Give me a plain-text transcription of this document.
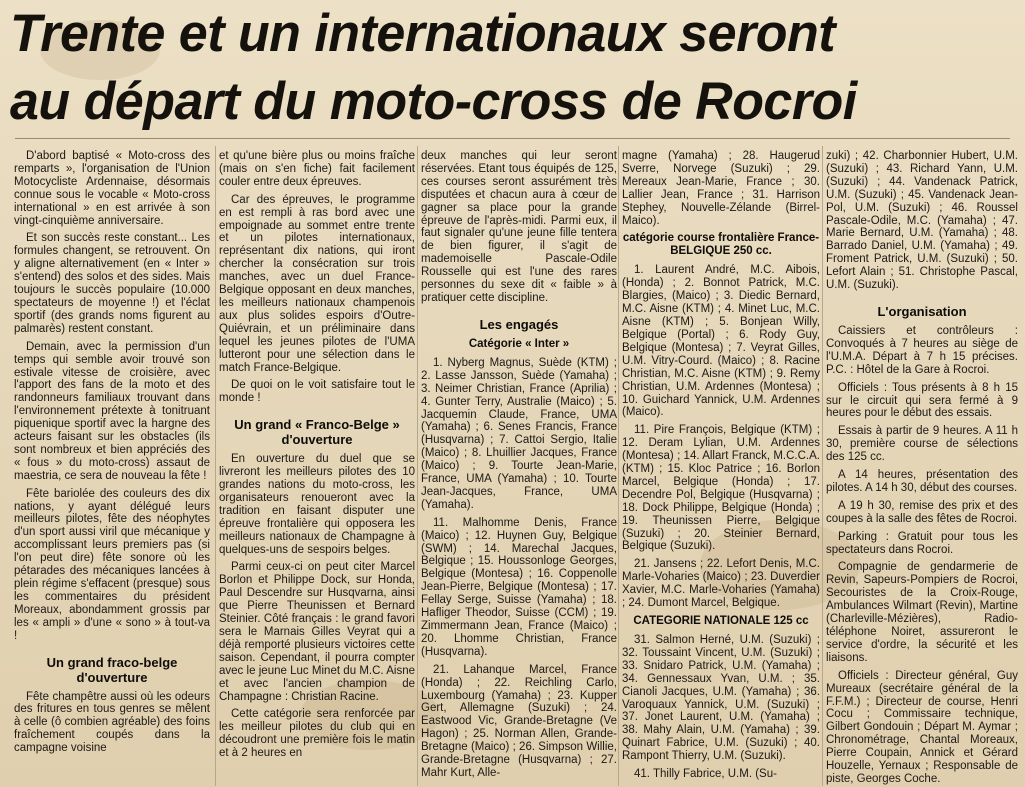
Trente et un internationaux seront
au départ du moto-cross de Rocroi

D'abord baptisé « Moto-cross des remparts », l'organisation de l'Union Motocycliste Ardennaise, désormais connue sous le vocable « Moto-cross international » en est arrivée à son vingt-cinquième anniversaire.

Et son succès reste constant... Les formules changent, se retrouvent. On y aligne alternativement (en « Inter » s'entend) des solos et des sides. Mais toujours le succès populaire (10.000 spectateurs de moyenne !) et l'éclat sportif (des grands noms figurent au palmarès) restent constant.

Demain, avec la permission d'un temps qui semble avoir trouvé son estivale vitesse de croisière, avec l'apport des fans de la moto et des randonneurs familiaux trouvant dans l'environnement prétexte à tonitruant piquenique sportif avec la hargne des acteurs faisant sur les obstacles (ils sont nombreux et bien appréciés des « fous » du moto-cross) assaut de maestria, ce sera de nouveau la fête !

Fête bariolée des couleurs des dix nations, y ayant délégué leurs meilleurs pilotes, fête des néophytes d'un sport aussi viril que mécanique y accomplissant leurs premiers pas (si l'on peut dire) fête sonore où les pétarades des mécaniques lancées à plein régime s'effacent (presque) sous les commentaires du président Moreaux, abondamment grossis par les « ampli » d'une « sono » à tout-va !

Un grand fraco-belge d'ouverture

Fête champêtre aussi où les odeurs des fritures en tous genres se mêlent à celle (ô combien agréable) des foins fraîchement coupés dans la campagne voisine

et qu'une bière plus ou moins fraîche (mais on s'en fiche) fait facilement couler entre deux épreuves.

Car des épreuves, le programme en est rempli à ras bord avec une empoignade au sommet entre trente et un pilotes internationaux, représentant dix nations, qui iront chercher la consécration sur trois manches, avec un duel France-Belgique opposant en deux manches, les meilleurs nationaux champenois aux plus solides espoirs d'Outre-Quiévrain, et un préliminaire dans lequel les jeunes pilotes de l'UMA lutteront pour une sélection dans le match France-Belgique.

De quoi on le voit satisfaire tout le monde !

Un grand « Franco-Belge » d'ouverture

En ouverture du duel que se livreront les meilleurs pilotes des 10 grandes nations du moto-cross, les organisateurs renoueront avec la tradition en faisant disputer une épreuve frontalière qui opposera les meilleurs nationaux de Champagne à quelques-uns de sespoirs belges.

Parmi ceux-ci on peut citer Marcel Borlon et Philippe Dock, sur Honda, Paul Descendre sur Husqvarna, ainsi que Pierre Theunissen et Bernard Steinier. Côté français : le grand favori sera le Marnais Gilles Veyrat qui a déjà remporté plusieurs victoires cette saison. Cependant, il pourra compter avec le jeune Luc Minet du M.C. Aisne et avec l'ancien champion de Champagne : Christian Racine.

Cette catégorie sera renforcée par les meilleur pilotes du club qui en découdront une première fois le matin et à 2 heures en

deux manches qui leur seront réservées. Etant tous équipés de 125, ces courses seront assurément très disputées et chacun aura à cœur de gagner sa place pour la grande épreuve de l'après-midi. Parmi eux, il faut signaler qu'une jeune fille tentera de bien figurer, il s'agit de mademoiselle Pascale-Odile Rousselle qui est l'une des rares personnes du sexe dit « faible » à pratiquer cette discipline.

Les engagés
Catégorie « Inter »

1. Nyberg Magnus, Suède (KTM) ; 2. Lasse Jansson, Suède (Yamaha) ; 3. Neimer Christian, France (Aprilia) ; 4. Gunter Terry, Australie (Maico) ; 5. Jacquemin Claude, France, UMA (Yamaha) ; 6. Senes Francis, France (Husqvarna) ; 7. Cattoi Sergio, Italie (Maico) ; 8. Lhuillier Jacques, France (Maico) ; 9. Tourte Jean-Marie, France, UMA (Yamaha) ; 10. Tourte Jean-Jacques, France, UMA (Yamaha).

11. Malhomme Denis, France (Maico) ; 12. Huynen Guy, Belgique (SWM) ; 14. Marechal Jacques, Belgique ; 15. Houssonloge Georges, Belgique (Montesa) ; 16. Coppenolle Jean-Pierre, Belgique (Montesa) ; 17. Fellay Serge, Suisse (Yamaha) ; 18. Hafliger Theodor, Suisse (CCM) ; 19. Zimmermann Jean, France (Maico) ; 20. Lhomme Christian, France (Husqvarna).

21. Lahanque Marcel, France (Honda) ; 22. Reichling Carlo, Luxembourg (Yamaha) ; 23. Kupper Gert, Allemagne (Suzuki) ; 24. Eastwood Vic, Grande-Bretagne (Ve Hagon) ; 25. Norman Allen, Grande-Bretagne (Maico) ; 26. Simpson Willie, Grande-Bretagne (Husqvarna) ; 27. Mahr Kurt, Alle-

magne (Yamaha) ; 28. Haugerud Sverre, Norvege (Suzuki) ; 29. Mereaux Jean-Marie, France ; 30. Lallier Jean, France ; 31. Harrison Stephey, Nouvelle-Zélande (Birrel-Maico).

catégorie course frontalière France-BELGIQUE 250 cc.

1. Laurent André, M.C. Aibois, (Honda) ; 2. Bonnot Patrick, M.C. Blargies, (Maico) ; 3. Diedic Bernard, M.C. Aisne (KTM) ; 4. Minet Luc, M.C. Aisne (KTM) ; 5. Bonjean Willy, Belgique (Portal) ; 6. Rody Guy, Belgique (Montesa) ; 7. Veyrat Gilles, U.M. Vitry-Courd. (Maico) ; 8. Racine Christian, M.C. Aisne (KTM) ; 9. Remy Christian, U.M. Ardennes (Montesa) ; 10. Guichard Yannick, U.M. Ardennes (Maico).

11. Pire François, Belgique (KTM) ; 12. Deram Lylian, U.M. Ardennes (Montesa) ; 14. Allart Franck, M.C.C.A. (KTM) ; 15. Kloc Patrice ; 16. Borlon Marcel, Belgique (Honda) ; 17. Decendre Pol, Belgique (Husqvarna) ; 18. Dock Philippe, Belgique (Honda) ; 19. Theunissen Pierre, Belgique (Suzuki) ; 20. Steinier Bernard, Belgique (Suzuki).

21. Jansens ; 22. Lefort Denis, M.C. Marle-Voharies (Maico) ; 23. Duverdier Xavier, M.C. Marle-Voharies (Yamaha) ; 24. Dumont Marcel, Belgique.

CATEGORIE NATIONALE 125 cc

31. Salmon Herné, U.M. (Suzuki) ; 32. Toussaint Vincent, U.M. (Suzuki) ; 33. Snidaro Patrick, U.M. (Yamaha) ; 34. Gennessaux Yvan, U.M. ; 35. Cianoli Jacques, U.M. (Yamaha) ; 36. Varoquaux Yannick, U.M. (Suzuki) ; 37. Jonet Laurent, U.M. (Yamaha) ; 38. Mahy Alain, U.M. (Yamaha) ; 39. Quinart Fabrice, U.M. (Suzuki) ; 40. Rampont Thierry, U.M. (Suzuki).

41. Thilly Fabrice, U.M. (Su-

zuki) ; 42. Charbonnier Hubert, U.M. (Suzuki) ; 43. Richard Yann, U.M. (Suzuki) ; 44. Vandenack Patrick, U.M. (Suzuki) ; 45. Vandenack Jean-Pol, U.M. (Suzuki) ; 46. Roussel Pascale-Odile, M.C. (Yamaha) ; 47. Marie Bernard, U.M. (Yamaha) ; 48. Barrado Daniel, U.M. (Yamaha) ; 49. Froment Patrick, U.M. (Suzuki) ; 50. Lefort Alain ; 51. Christophe Pascal, U.M. (Suzuki).

L'organisation

Caissiers et contrôleurs : Convoqués à 7 heures au siège de l'U.M.A. Départ à 7 h 15 précises. P.C. : Hôtel de la Gare à Rocroi.

Officiels : Tous présents à 8 h 15 sur le circuit qui sera fermé à 9 heures pour le début des essais.

Essais à partir de 9 heures. A 11 h 30, première course de sélections des 125 cc.

A 14 heures, présentation des pilotes. A 14 h 30, début des courses.

A 19 h 30, remise des prix et des coupes à la salle des fêtes de Rocroi.

Parking : Gratuit pour tous les spectateurs dans Rocroi.

Compagnie de gendarmerie de Revin, Sapeurs-Pompiers de Rocroi, Secouristes de la Croix-Rouge, Ambulances Wilmart (Revin), Martine (Charleville-Mézières), Radio-téléphone Noiret, assureront le service d'ordre, la sécurité et les liaisons.

Officiels : Directeur général, Guy Mureaux (secrétaire général de la F.F.M.) ; Directeur de course, Henri Cocu ; Commissaire technique, Gilbert Gondouin ; Départ M. Aymar ; Chronométrage, Chantal Moreaux, Pierre Coupain, Annick et Gérard Houzelle, Yernaux ; Responsable de piste, Georges Coche.
